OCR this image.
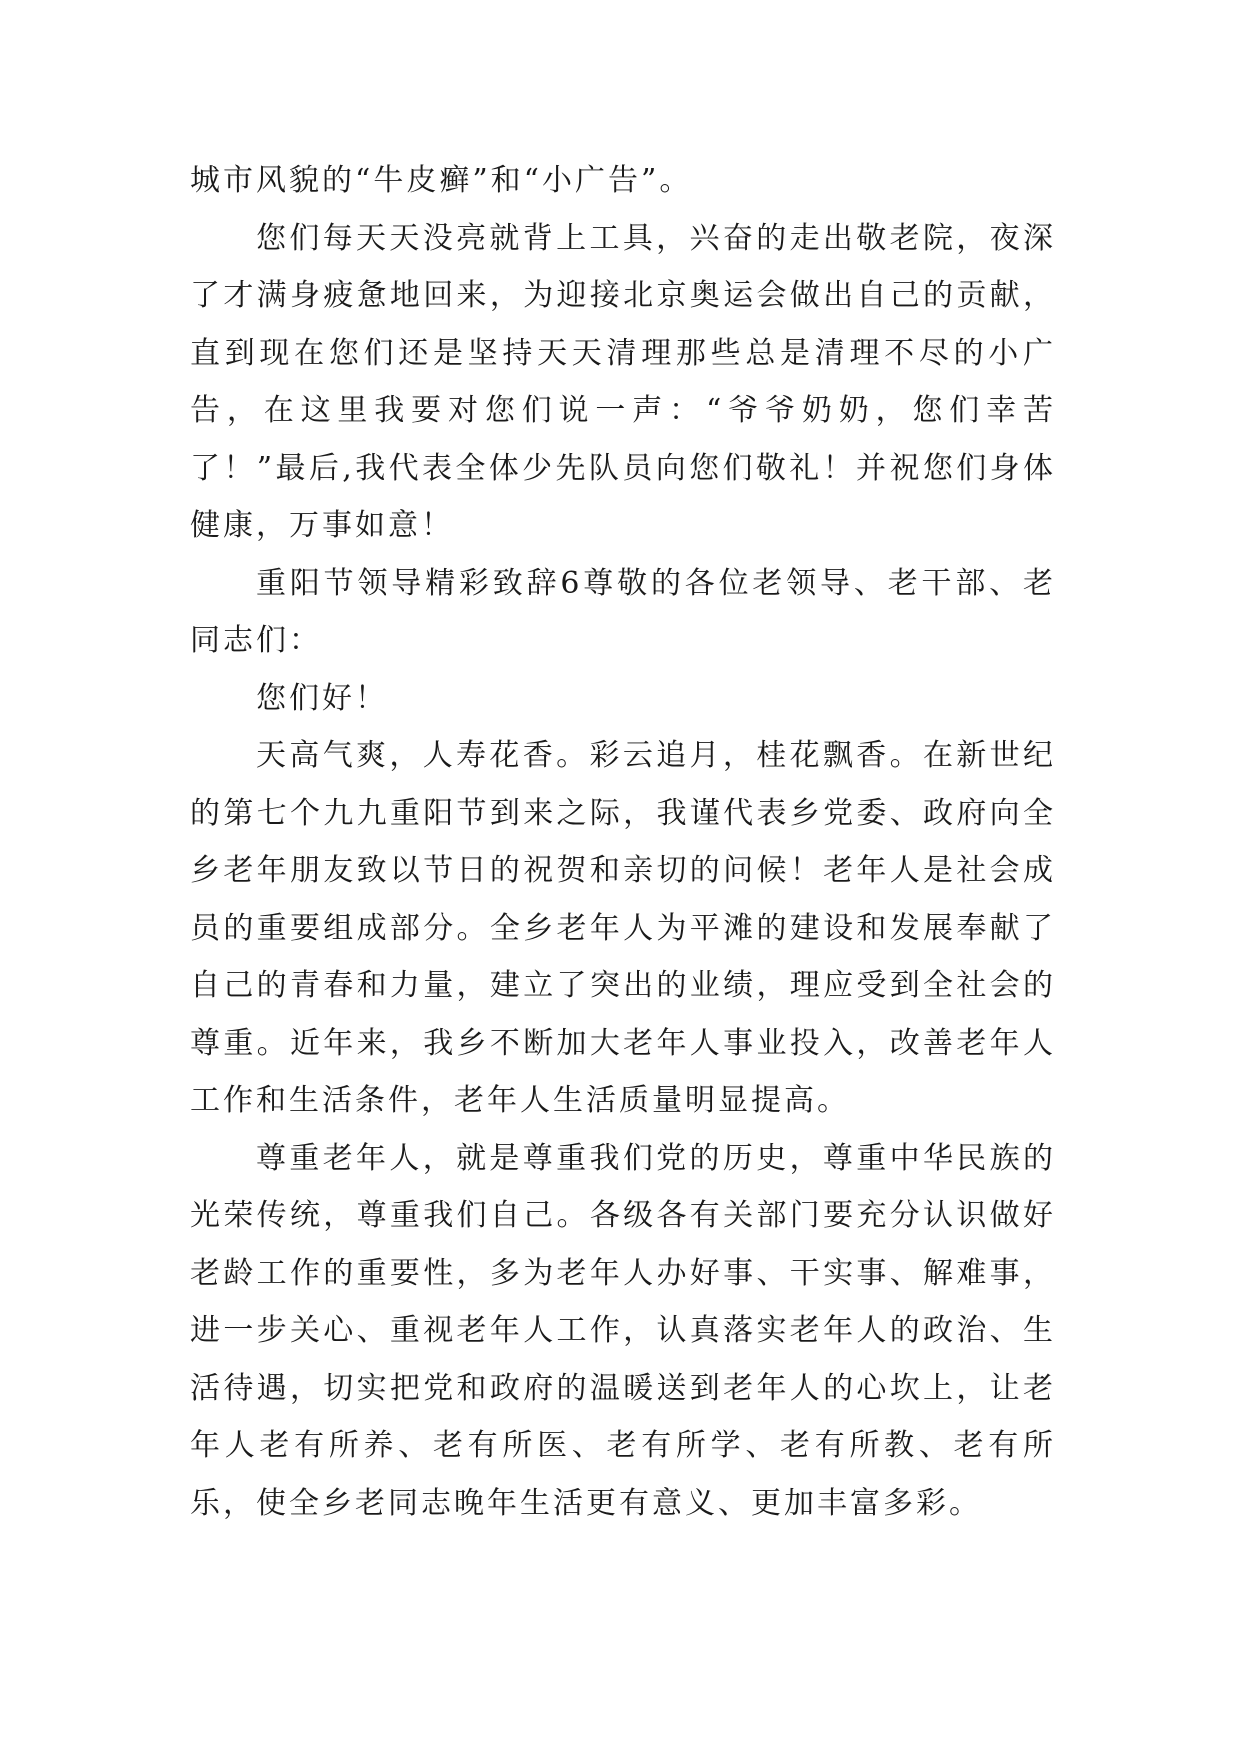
城市风貌的“牛皮癣”和“小广告”。

您们每天天没亮就背上工具，兴奋的走出敬老院，夜深了才满身疲惫地回来，为迎接北京奥运会做出自己的贡献，直到现在您们还是坚持天天清理那些总是清理不尽的小广告，在这里我要对您们说一声：“爷爷奶奶，您们幸苦了！”最后,我代表全体少先队员向您们敬礼！并祝您们身体健康，万事如意！

重阳节领导精彩致辞6尊敬的各位老领导、老干部、老同志们：

您们好！

天高气爽，人寿花香。彩云追月，桂花飘香。在新世纪的第七个九九重阳节到来之际，我谨代表乡党委、政府向全乡老年朋友致以节日的祝贺和亲切的问候！老年人是社会成员的重要组成部分。全乡老年人为平滩的建设和发展奉献了自己的青春和力量，建立了突出的业绩，理应受到全社会的尊重。近年来，我乡不断加大老年人事业投入，改善老年人工作和生活条件，老年人生活质量明显提高。

尊重老年人，就是尊重我们党的历史，尊重中华民族的光荣传统，尊重我们自己。各级各有关部门要充分认识做好老龄工作的重要性，多为老年人办好事、干实事、解难事，进一步关心、重视老年人工作，认真落实老年人的政治、生活待遇，切实把党和政府的温暖送到老年人的心坎上，让老年人老有所养、老有所医、老有所学、老有所教、老有所乐，使全乡老同志晚年生活更有意义、更加丰富多彩。
